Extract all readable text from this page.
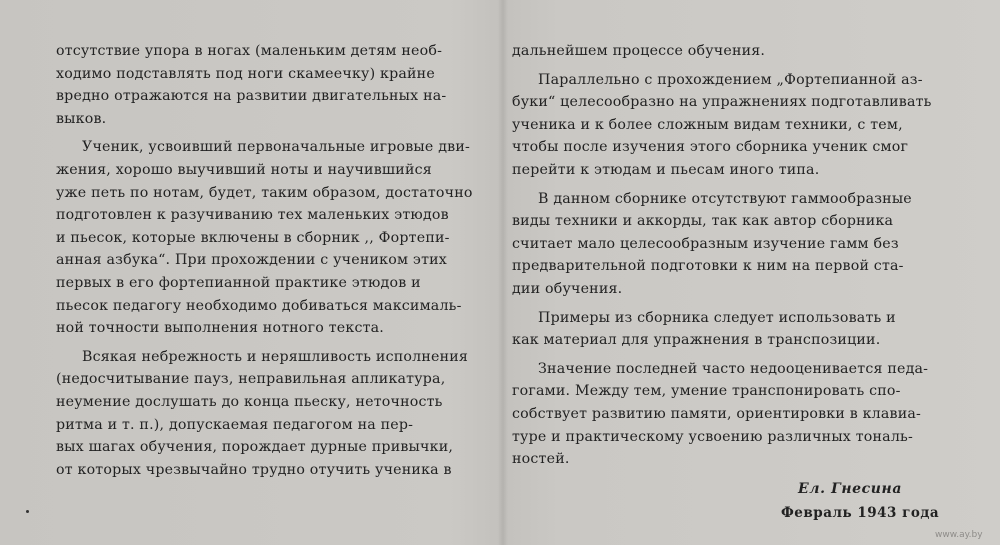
отсутствие упора в ногах (маленьким детям необ-
ходимо подставлять под ноги скамеечку) крайне
вредно отражаются на развитии двигательных на-
выков.
Ученик, усвоивший первоначальные игровые дви-
жения, хорошо выучивший ноты и научившийся
уже петь по нотам, будет, таким образом, достаточно
подготовлен к разучиванию тех маленьких этюдов
и пьесок, которые включены в сборник ,, Фортепи-
анная азбука“. При прохождении с учеником этих
первых в его фортепианной практике этюдов и
пьесок педагогу необходимо добиваться максималь-
ной точности выполнения нотного текста.
Всякая небрежность и неряшливость исполнения
(недосчитывание пауз, неправильная апликатура,
неумение дослушать до конца пьеску, неточность
ритма и т. п.), допускаемая педагогом на пер-
вых шагах обучения, порождает дурные привычки,
от которых чрезвычайно трудно отучить ученика в
дальнейшем процессе обучения.
Параллельно с прохождением „Фортепианной аз-
буки“ целесообразно на упражнениях подготавливать
ученика и к более сложным видам техники, с тем,
чтобы после изучения этого сборника ученик смог
перейти к этюдам и пьесам иного типа.
В данном сборнике отсутствуют гаммообразные
виды техники и аккорды, так как автор сборника
считает мало целесообразным изучение гамм без
предварительной подготовки к ним на первой ста-
дии обучения.
Примеры из сборника следует использовать и
как материал для упражнения в транспозиции.
Значение последней часто недооценивается педа-
гогами. Между тем, умение транспонировать спо-
собствует развитию памяти, ориентировки в клавиа-
туре и практическому усвоению различных тональ-
ностей.
Ел. Гнесина
Февраль 1943 года
www.ay.by
